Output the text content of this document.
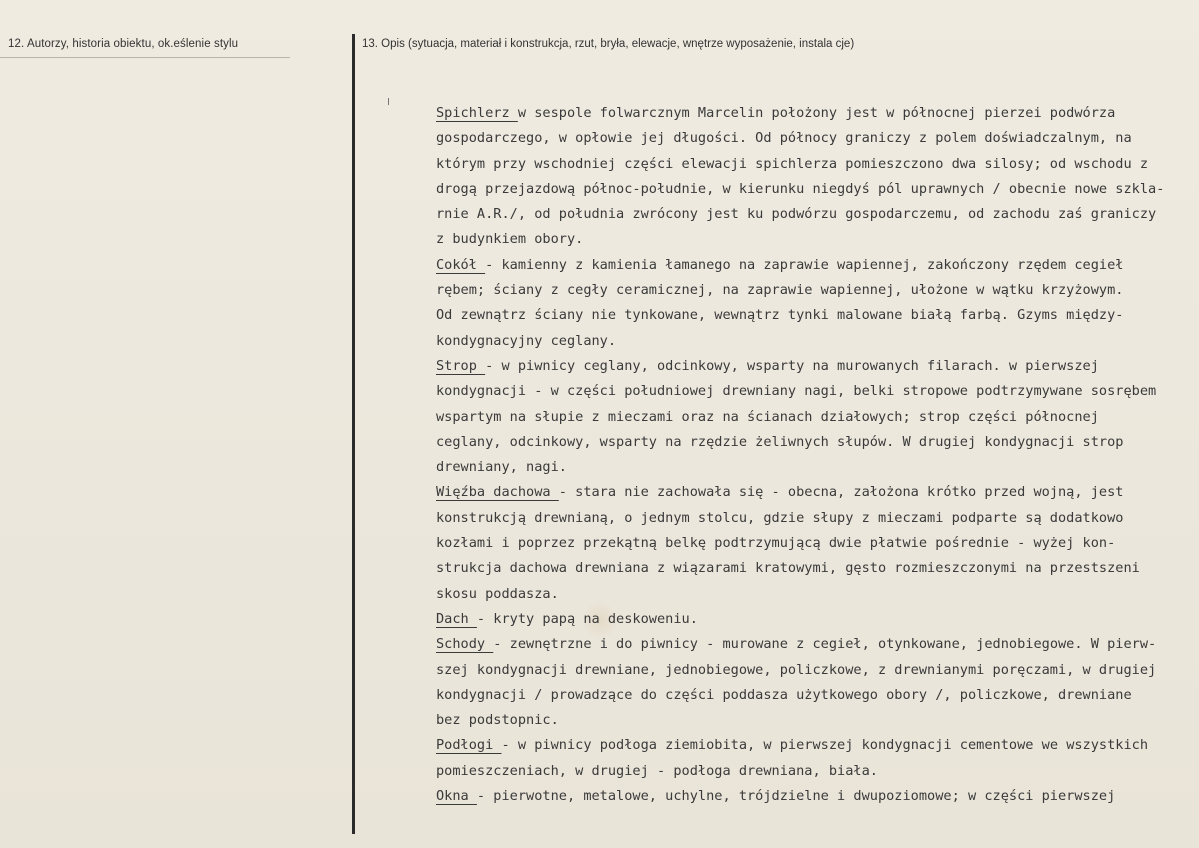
12. Autorzy, historia obiektu, ok.eślenie stylu	13. Opis (sytuacja, materiał i konstrukcja, rzut, bryła, elewacje, wnętrze wyposażenie, instala cje)
Spichlerz w sespole folwarcznym Marcelin położony jest w północnej pierzei podwórza
gospodarczego, w opłowie jej długości. Od północy graniczy z polem doświadczalnym, na
którym przy wschodniej części elewacji spichlerza pomieszczono dwa silosy; od wschodu z
drogą przejazdową północ-południe, w kierunku niegdyś pól uprawnych / obecnie nowe szkla-
rnie A.R./, od południa zwrócony jest ku podwórzu gospodarczemu, od zachodu zaś graniczy
z budynkiem obory.
Cokół - kamienny z kamienia łamanego na zaprawie wapiennej, zakończony rzędem cegieł
rębem; ściany z cegły ceramicznej, na zaprawie wapiennej, ułożone w wątku krzyżowym.
Od zewnątrz ściany nie tynkowane, wewnątrz tynki malowane białą farbą. Gzyms między-
kondygnacyjny ceglany.
Strop - w piwnicy ceglany, odcinkowy, wsparty na murowanych filarach. w pierwszej
kondygnacji - w części południowej drewniany nagi, belki stropowe podtrzymywane sosrębem
wspartym na słupie z mieczami oraz na ścianach działowych; strop części północnej
ceglany, odcinkowy, wsparty na rzędzie żeliwnych słupów. W drugiej kondygnacji strop
drewniany, nagi.
Więźba dachowa - stara nie zachowała się - obecna, założona krótko przed wojną, jest
konstrukcją drewnianą, o jednym stolcu, gdzie słupy z mieczami podparte są dodatkowo
kozłami i poprzez przekątną belkę podtrzymującą dwie płatwie pośrednie - wyżej kon-
strukcja dachowa drewniana z wiązarami kratowymi, gęsto rozmieszczonymi na przestszeni
skosu poddasza.
Dach - kryty papą na deskoweniu.
Schody - zewnętrzne i do piwnicy - murowane z cegieł, otynkowane, jednobiegowe. W pierw-
szej kondygnacji drewniane, jednobiegowe, policzkowe, z drewnianymi poręczami, w drugiej
kondygnacji / prowadzące do części poddasza użytkowego obory /, policzkowe, drewniane
bez podstopnic.
Podłogi - w piwnicy podłoga ziemiobita, w pierwszej kondygnacji cementowe we wszystkich
pomieszczeniach, w drugiej - podłoga drewniana, biała.
Okna - pierwotne, metalowe, uchylne, trójdzielne i dwupoziomowe; w części pierwszej
